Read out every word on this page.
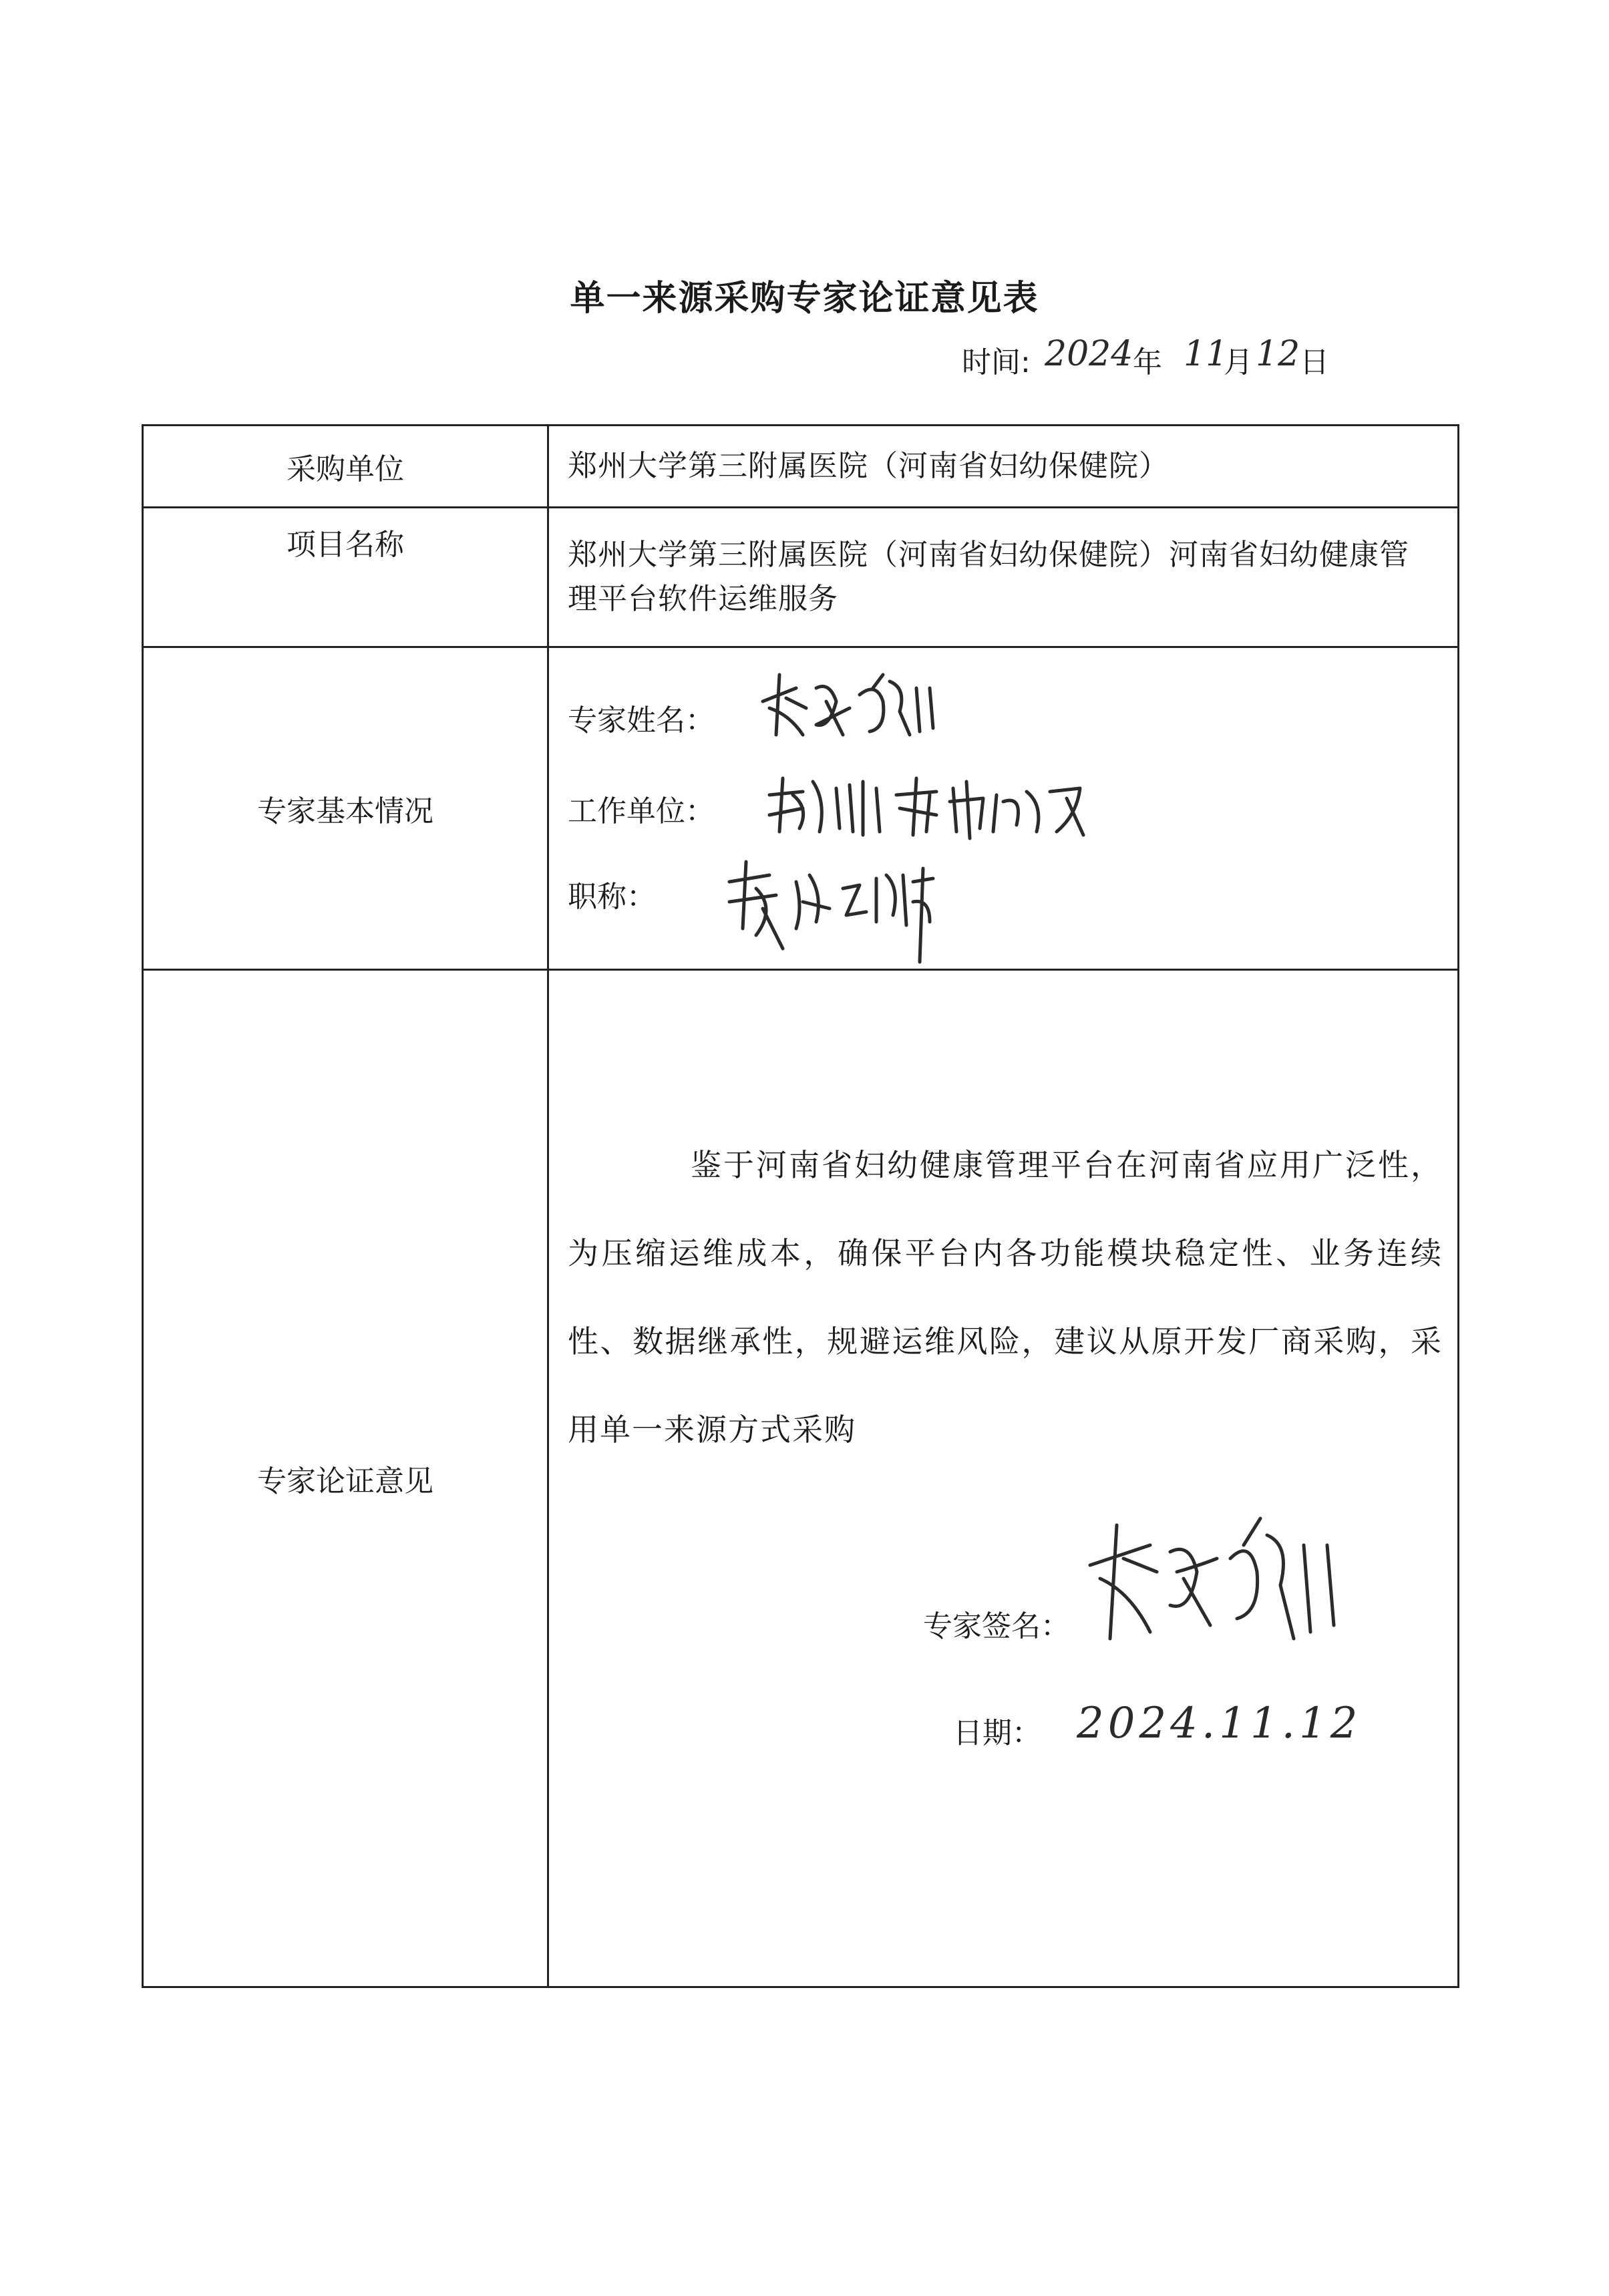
单一来源采购专家论证意见表
时间: 2024 年 11
月 12 日
采购单位	郑州大学第三附属医院（河南省妇幼保健院）
项目名称	郑州大学第三附属医院（河南省妇幼保健院）河南省妇幼健康管理平台软件运维服务
专家基本情况	专家姓名：
工作单位：
职称：

专家论证意见	鉴于河南省妇幼健康管理平台在河南省应用广泛性，为压缩运维成本，确保平台内各功能模块稳定性、业务连续性、数据继承性，规避运维风险，建议从原开发厂商采购，采用单一来源方式采购
专家签名：
日期： 2024.11.12
